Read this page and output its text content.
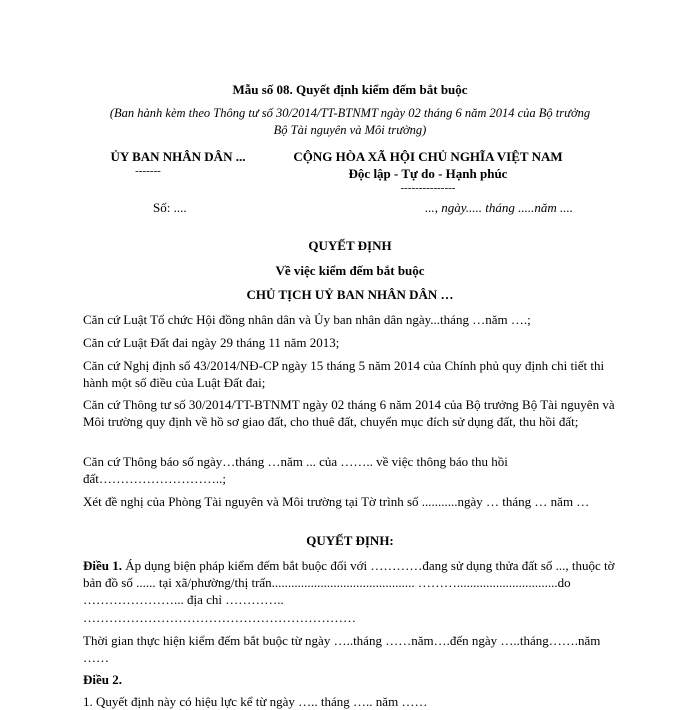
Mẫu số 08. Quyết định kiểm đếm bắt buộc
(Ban hành kèm theo Thông tư số 30/2014/TT-BTNMT ngày 02 tháng 6 năm 2014 của Bộ trưởng
Bộ Tài nguyên và Môi trường)
ỦY BAN NHÂN DÂN ...
-------
CỘNG HÒA XÃ HỘI CHỦ NGHĨA VIỆT NAM
Độc lập - Tự do - Hạnh phúc
---------------
Số: ....	..., ngày..... tháng .....năm ....
QUYẾT ĐỊNH
Về việc kiểm đếm bắt buộc
CHỦ TỊCH UỶ BAN NHÂN DÂN …

Căn cứ Luật Tổ chức Hội đồng nhân dân và Ủy ban nhân dân ngày...tháng …năm ….;

Căn cứ Luật Đất đai ngày 29 tháng 11 năm 2013;

Căn cứ Nghị định số 43/2014/NĐ-CP ngày 15 tháng 5 năm 2014 của Chính phủ quy định chi tiết thi hành một số điều của Luật Đất đai;

Căn cứ Thông tư số 30/2014/TT-BTNMT ngày 02 tháng 6 năm 2014 của Bộ trưởng Bộ Tài nguyên và Môi trường quy định về hồ sơ giao đất, cho thuê đất, chuyển mục đích sử dụng đất, thu hồi đất;

Căn cứ Thông báo số ngày…tháng …năm ... của …….. về việc thông báo thu hồi đất………………………..;

Xét đề nghị của Phòng Tài nguyên và Môi trường tại Tờ trình số ...........ngày … tháng … năm …

QUYẾT ĐỊNH:

Điều 1. Áp dụng biện pháp kiểm đếm bắt buộc đối với …………đang sử dụng thửa đất số ..., thuộc tờ bản đồ số ...... tại xã/phường/thị trấn............................................ ………...............................do …………………... địa chỉ …………..

………………………………………………………

Thời gian thực hiện kiểm đếm bắt buộc từ ngày …..tháng ……năm….đến ngày …..tháng…….năm ……

Điều 2.
1. Quyết định này có hiệu lực kể từ ngày ….. tháng ….. năm ……
